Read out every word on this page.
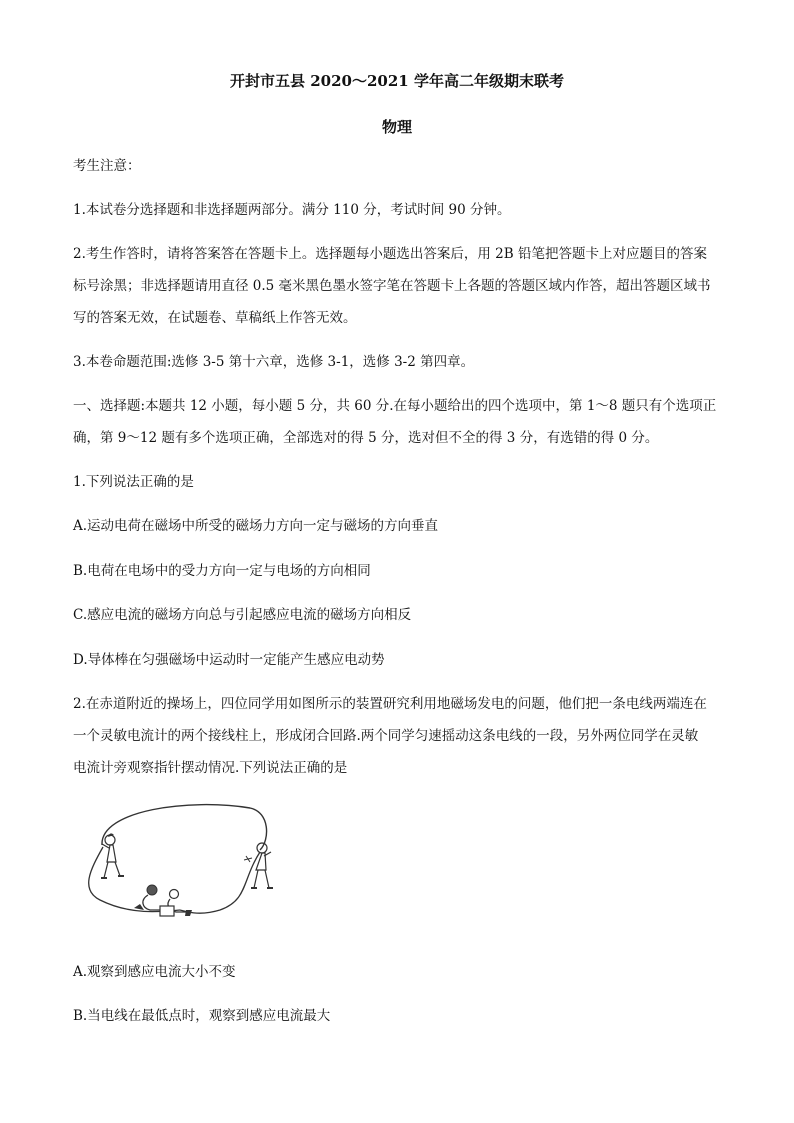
开封市五县 2020～2021 学年高二年级期末联考
物理
考生注意：
1.本试卷分选择题和非选择题两部分。满分 110 分，考试时间 90 分钟。
2.考生作答时，请将答案答在答题卡上。选择题每小题选出答案后，用 2B 铅笔把答题卡上对应题目的答案
标号涂黑；非选择题请用直径 0.5 毫米黑色墨水签字笔在答题卡上各题的答题区域内作答，超出答题区域书
写的答案无效，在试题卷、草稿纸上作答无效。
3.本卷命题范围:选修 3-5 第十六章，选修 3-1，选修 3-2 第四章。
一、选择题:本题共 12 小题，每小题 5 分，共 60 分.在每小题给出的四个选项中，第 1～8 题只有个选项正
确，第 9～12 题有多个选项正确，全部选对的得 5 分，选对但不全的得 3 分，有选错的得 0 分。
1.下列说法正确的是
A.运动电荷在磁场中所受的磁场力方向一定与磁场的方向垂直
B.电荷在电场中的受力方向一定与电场的方向相同
C.感应电流的磁场方向总与引起感应电流的磁场方向相反
D.导体棒在匀强磁场中运动时一定能产生感应电动势
2.在赤道附近的操场上，四位同学用如图所示的装置研究利用地磁场发电的问题，他们把一条电线两端连在
一个灵敏电流计的两个接线柱上，形成闭合回路.两个同学匀速摇动这条电线的一段，另外两位同学在灵敏
电流计旁观察指针摆动情况.下列说法正确的是
A.观察到感应电流大小不变
B.当电线在最低点时，观察到感应电流最大
